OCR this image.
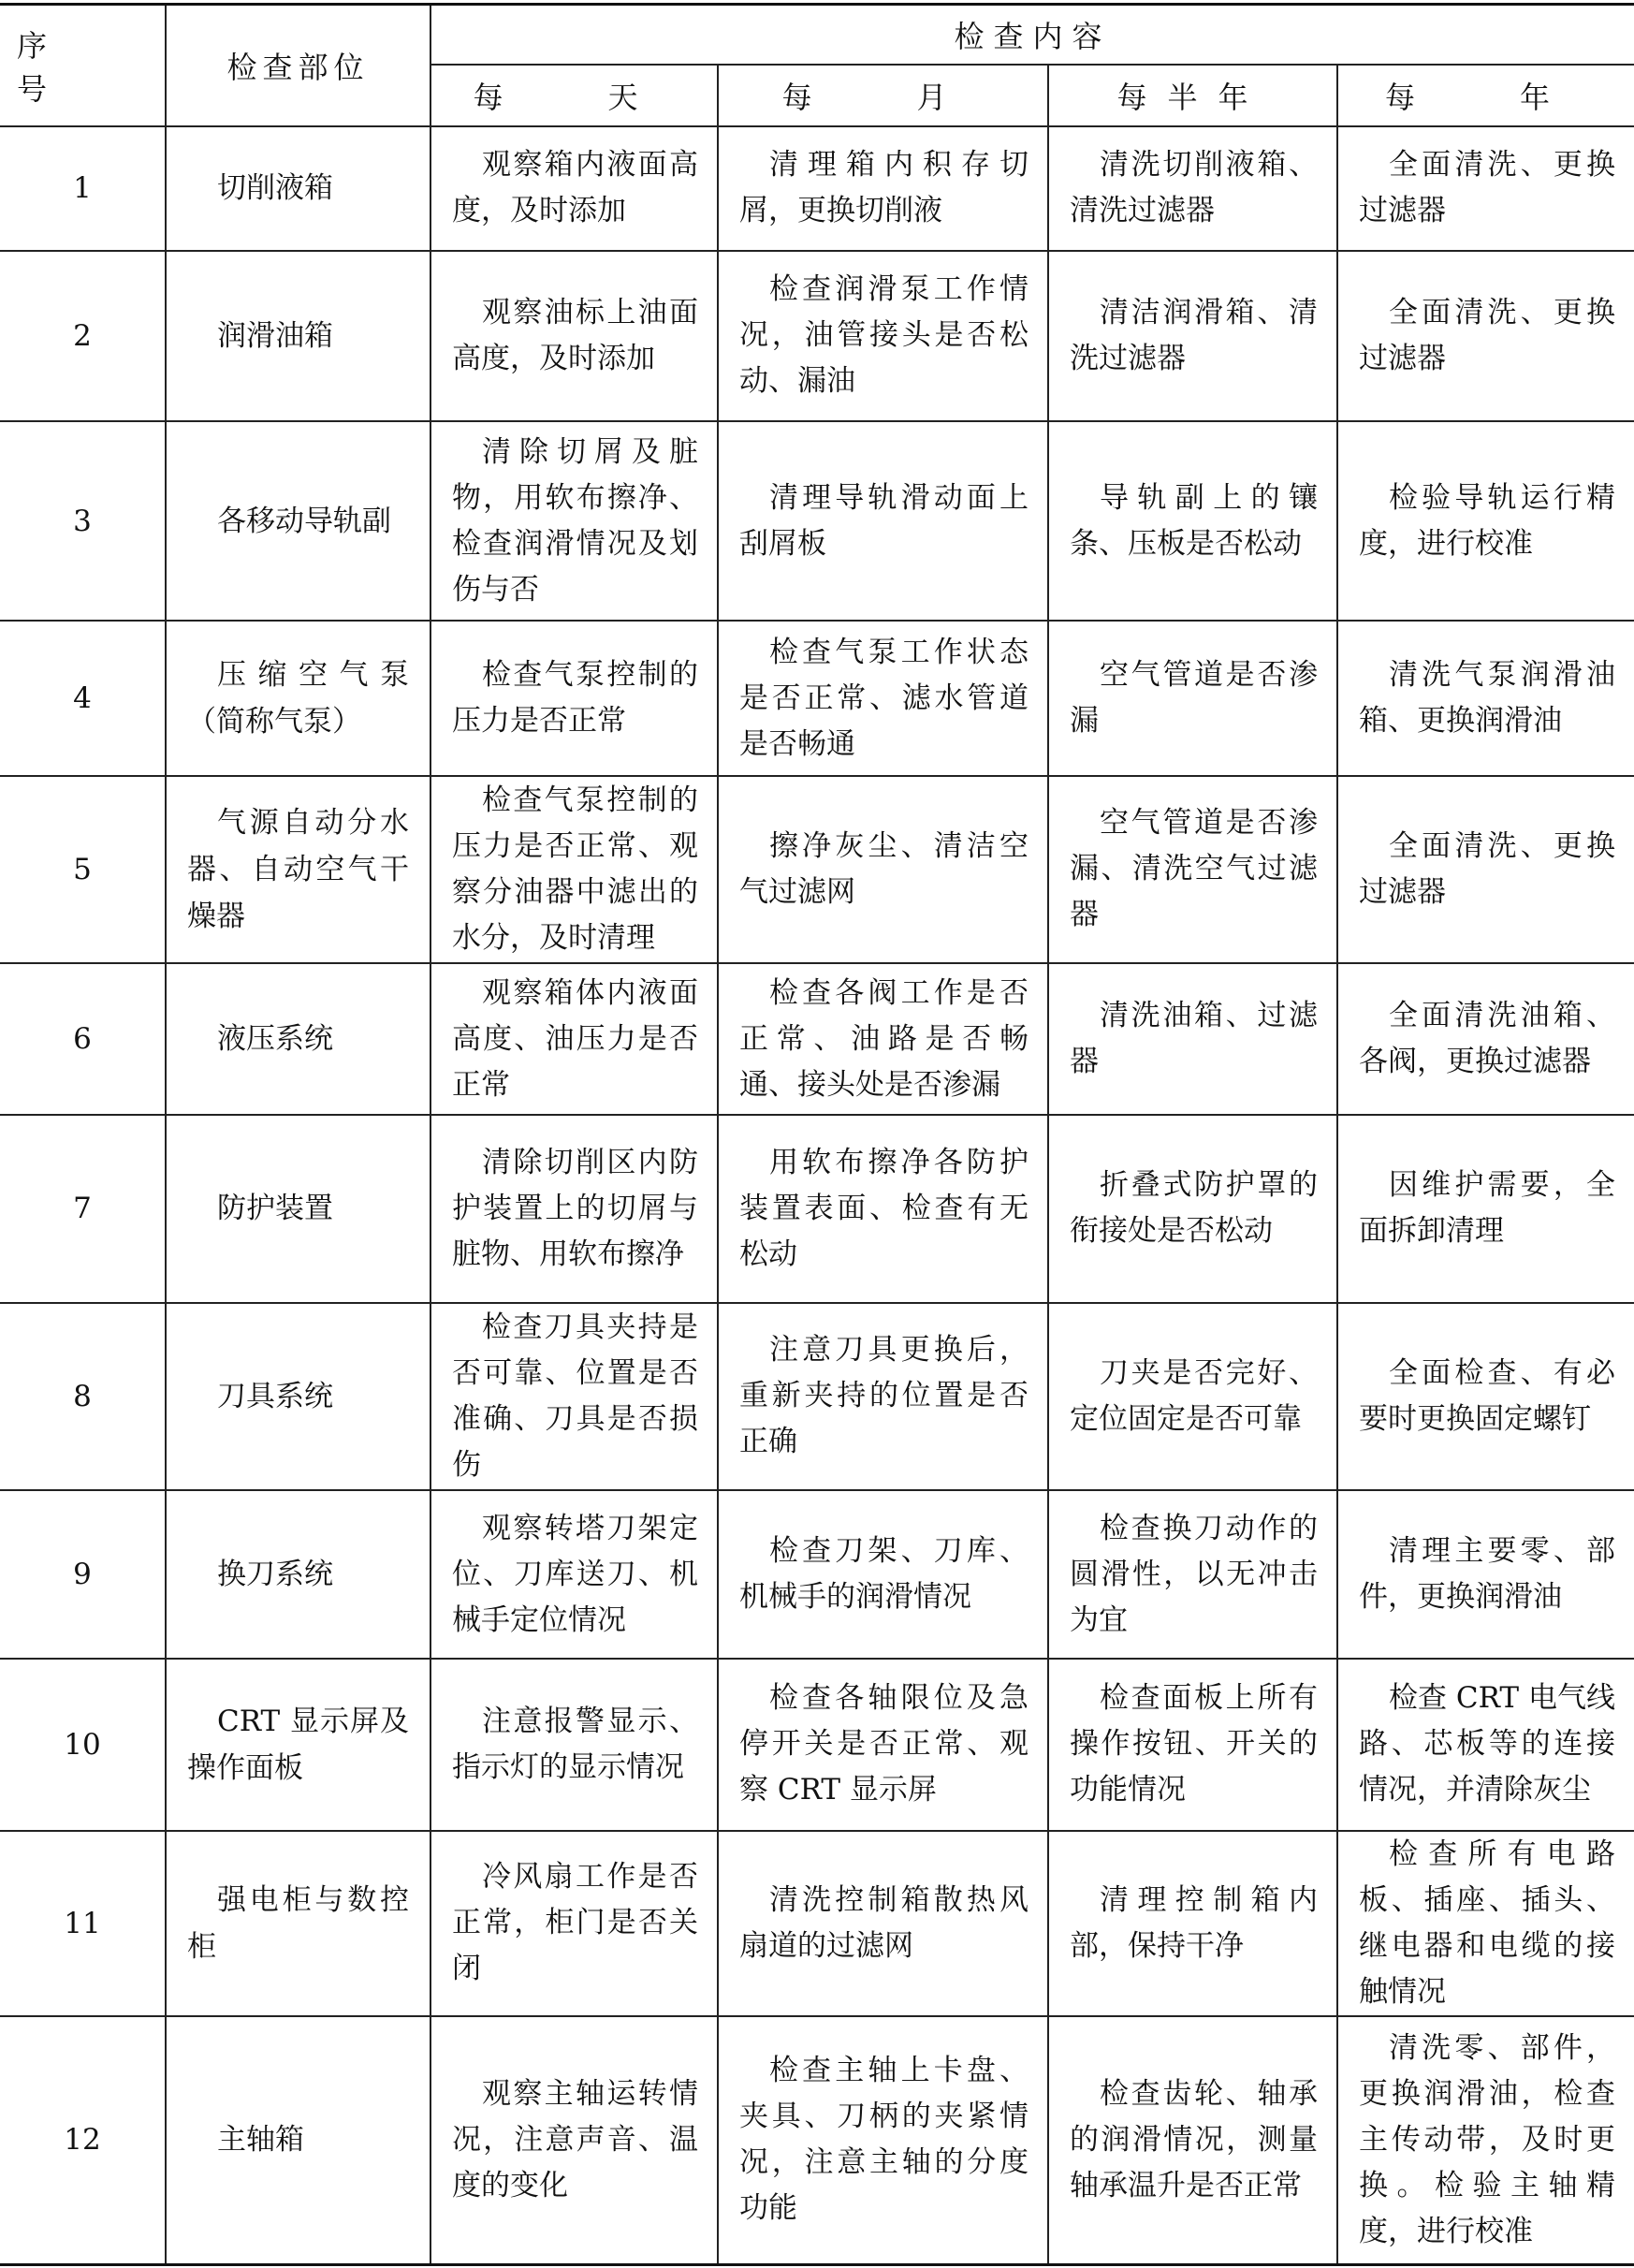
序　　号	检查部位	检查内容			
		每　天	每　月	每半年	每　年
1	切削液箱	观察箱内液面高度，及时添加	清理箱内积存切屑，更换切削液	清洗切削液箱、清洗过滤器	全面清洗、更换过滤器
2	润滑油箱	观察油标上油面高度，及时添加	检查润滑泵工作情况，油管接头是否松动、漏油	清洁润滑箱、清洗过滤器	全面清洗、更换过滤器
3	各移动导轨副	清除切屑及脏物，用软布擦净、检查润滑情况及划伤与否	清理导轨滑动面上刮屑板	导轨副上的镶条、压板是否松动	检验导轨运行精度，进行校准
4	压缩空气泵（简称气泵）	检查气泵控制的压力是否正常	检查气泵工作状态是否正常、滤水管道是否畅通	空气管道是否渗漏	清洗气泵润滑油箱、更换润滑油
5	气源自动分水器、自动空气干燥器	检查气泵控制的压力是否正常、观察分油器中滤出的水分，及时清理	擦净灰尘、清洁空气过滤网	空气管道是否渗漏、清洗空气过滤器	全面清洗、更换过滤器
6	液压系统	观察箱体内液面高度、油压力是否正常	检查各阀工作是否正常、油路是否畅通、接头处是否渗漏	清洗油箱、过滤器	全面清洗油箱、各阀，更换过滤器
7	防护装置	清除切削区内防护装置上的切屑与脏物、用软布擦净	用软布擦净各防护装置表面、检查有无松动	折叠式防护罩的衔接处是否松动	因维护需要，全面拆卸清理
8	刀具系统	检查刀具夹持是否可靠、位置是否准确、刀具是否损伤	注意刀具更换后，重新夹持的位置是否正确	刀夹是否完好、定位固定是否可靠	全面检查、有必要时更换固定螺钉
9	换刀系统	观察转塔刀架定位、刀库送刀、机械手定位情况	检查刀架、刀库、机械手的润滑情况	检查换刀动作的圆滑性，以无冲击为宜	清理主要零、部件，更换润滑油
10	CRT 显示屏及操作面板	注意报警显示、指示灯的显示情况	检查各轴限位及急停开关是否正常、观察 CRT 显示屏	检查面板上所有操作按钮、开关的功能情况	检查 CRT 电气线路、芯板等的连接情况，并清除灰尘
11	强电柜与数控柜	冷风扇工作是否正常，柜门是否关闭	清洗控制箱散热风扇道的过滤网	清理控制箱内部，保持干净	检查所有电路板、插座、插头、继电器和电缆的接触情况
12	主轴箱	观察主轴运转情况，注意声音、温度的变化	检查主轴上卡盘、夹具、刀柄的夹紧情况，注意主轴的分度功能	检查齿轮、轴承的润滑情况，测量轴承温升是否正常	清洗零、部件，更换润滑油，检查主传动带，及时更换。检验主轴精度，进行校准
